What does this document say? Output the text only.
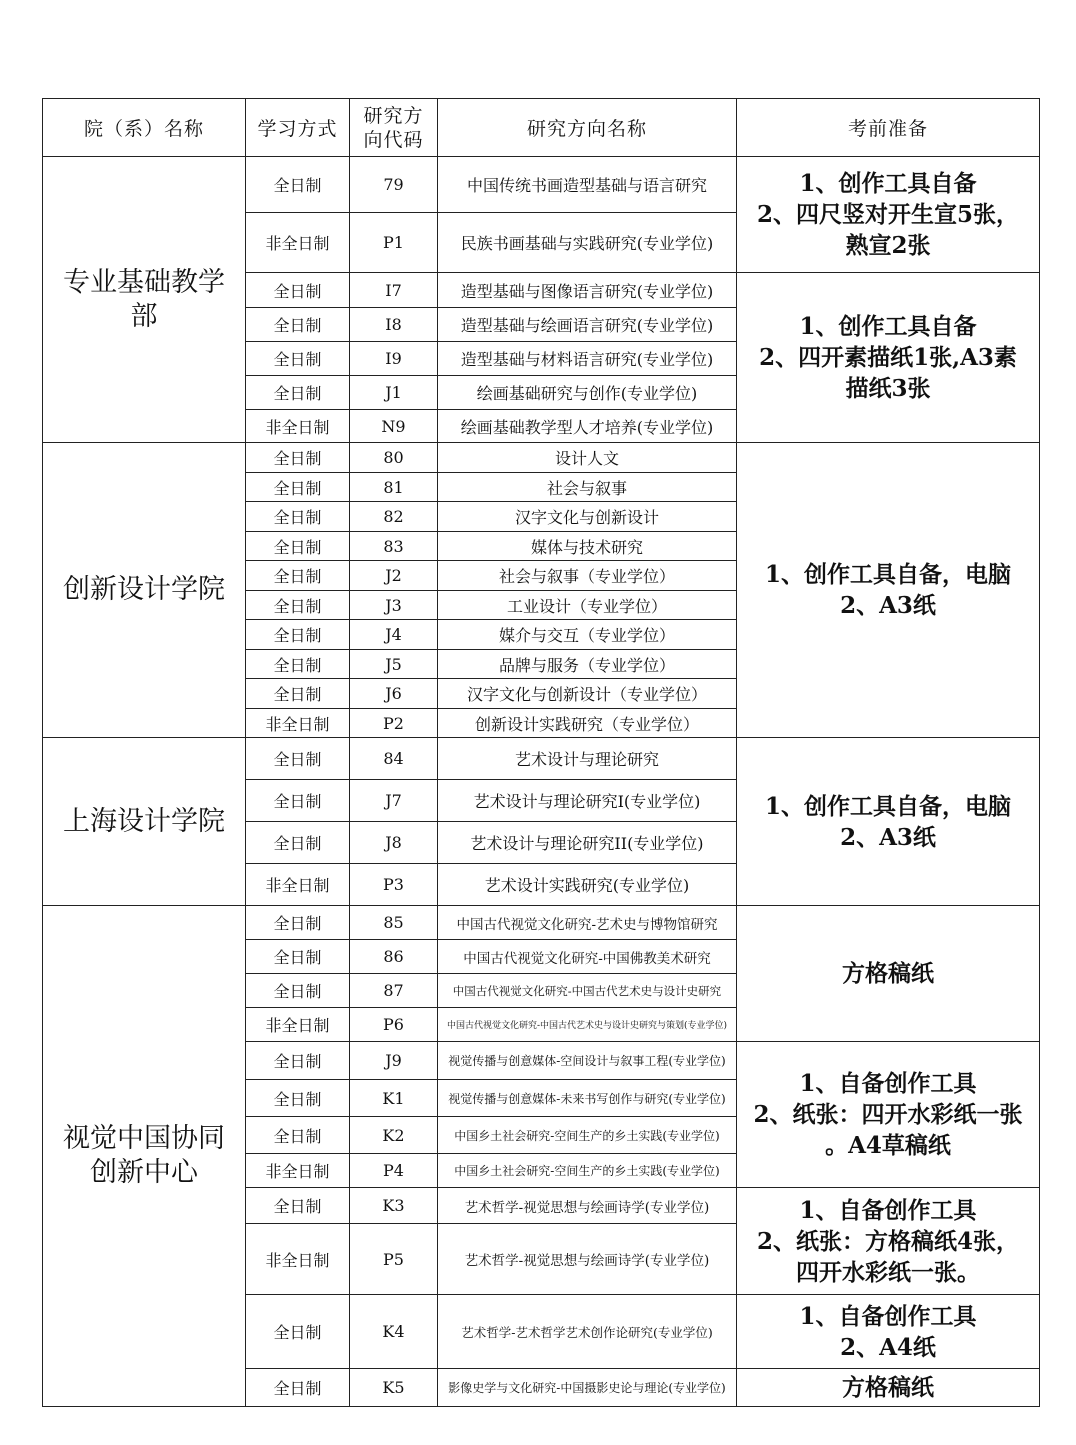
院（系）名称	学习方式	研究方
向代码	研究方向名称	考前准备
专业基础教学
部	全日制	79	中国传统书画造型基础与语言研究	1、创作工具自备
2、四尺竖对开生宣5张，
熟宣2张

	非全日制	P1	民族书画基础与实践研究(专业学位)	
	全日制	I7	造型基础与图像语言研究(专业学位)	1、创作工具自备
2、四开素描纸1张,A3素
描纸3张

	全日制	I8	造型基础与绘画语言研究(专业学位)	
	全日制	I9	造型基础与材料语言研究(专业学位)	
	全日制	J1	绘画基础研究与创作(专业学位)	
	非全日制	N9	绘画基础教学型人才培养(专业学位)	
创新设计学院	全日制	80	设计人文	1、创作工具自备，电脑
2、A3纸

	全日制	81	社会与叙事	
	全日制	82	汉字文化与创新设计	
	全日制	83	媒体与技术研究	
	全日制	J2	社会与叙事（专业学位）	
	全日制	J3	工业设计（专业学位）	
	全日制	J4	媒介与交互（专业学位）	
	全日制	J5	品牌与服务（专业学位）	
	全日制	J6	汉字文化与创新设计（专业学位）	
	非全日制	P2	创新设计实践研究（专业学位）	
上海设计学院	全日制	84	艺术设计与理论研究	1、创作工具自备，电脑
2、A3纸

	全日制	J7	艺术设计与理论研究I(专业学位)	
	全日制	J8	艺术设计与理论研究II(专业学位)	
	非全日制	P3	艺术设计实践研究(专业学位)	
视觉中国协同
创新中心	全日制	85	中国古代视觉文化研究-艺术史与博物馆研究	方格稿纸

	全日制	86	中国古代视觉文化研究-中国佛教美术研究	
	全日制	87	中国古代视觉文化研究-中国古代艺术史与设计史研究	
	非全日制	P6	中国古代视觉文化研究-中国古代艺术史与设计史研究与策划(专业学位)	
	全日制	J9	视觉传播与创意媒体-空间设计与叙事工程(专业学位)	1、自备创作工具
2、纸张：四开水彩纸一张
。A4草稿纸

	全日制	K1	视觉传播与创意媒体-未来书写创作与研究(专业学位)	
	全日制	K2	中国乡土社会研究-空间生产的乡土实践(专业学位)	
	非全日制	P4	中国乡土社会研究-空间生产的乡土实践(专业学位)	
	全日制	K3	艺术哲学-视觉思想与绘画诗学(专业学位)	1、自备创作工具
2、纸张：方格稿纸4张，
四开水彩纸一张。

	非全日制	P5	艺术哲学-视觉思想与绘画诗学(专业学位)	
	全日制	K4	艺术哲学-艺术哲学艺术创作论研究(专业学位)	1、自备创作工具
2、A4纸

	全日制	K5	影像史学与文化研究-中国摄影史论与理论(专业学位)	方格稿纸
